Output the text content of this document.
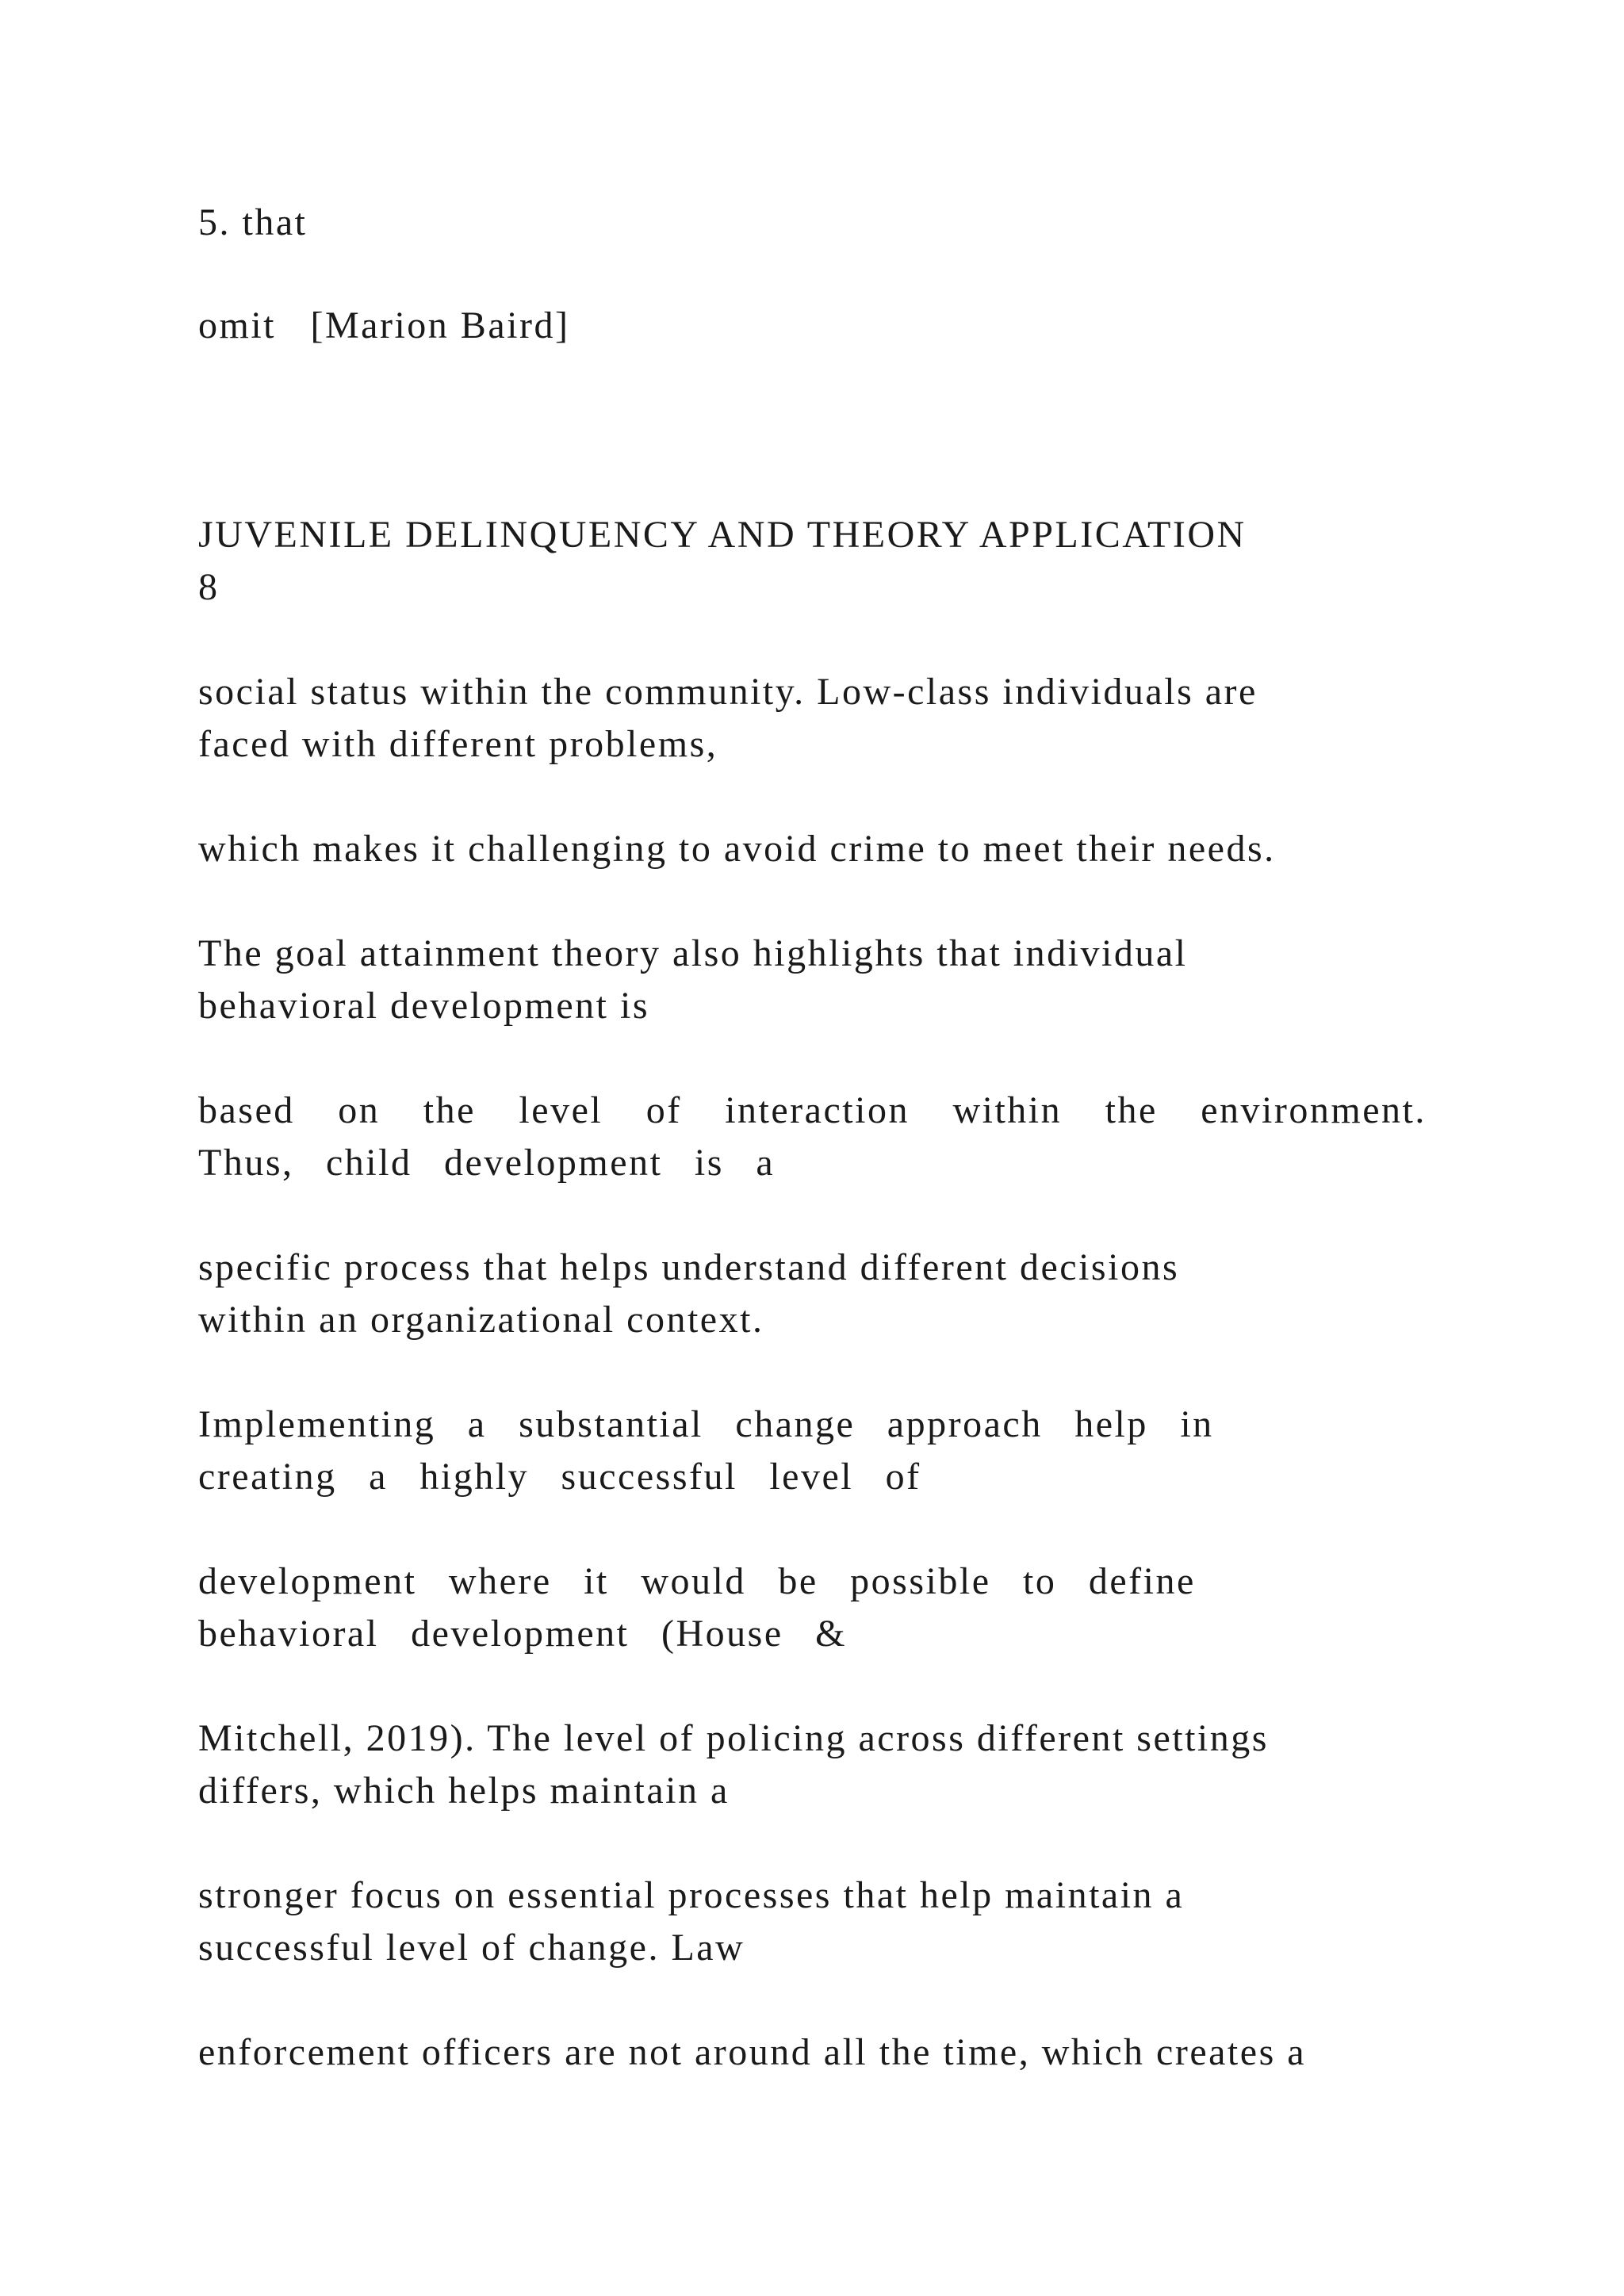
5. that

omit   [Marion Baird]

JUVENILE DELINQUENCY AND THEORY APPLICATION

8

social status within the community. Low-class individuals are

faced with different problems,

which makes it challenging to avoid crime to meet their needs.

The goal attainment theory also highlights that individual

behavioral development is

based on the level of interaction within the environment.

Thus, child development is a

specific process that helps understand different decisions

within an organizational context.

Implementing a substantial change approach help in

creating a highly successful level of

development where it would be possible to define

behavioral development (House &

Mitchell, 2019). The level of policing across different settings

differs, which helps maintain a

stronger focus on essential processes that help maintain a

successful level of change. Law

enforcement officers are not around all the time, which creates a
